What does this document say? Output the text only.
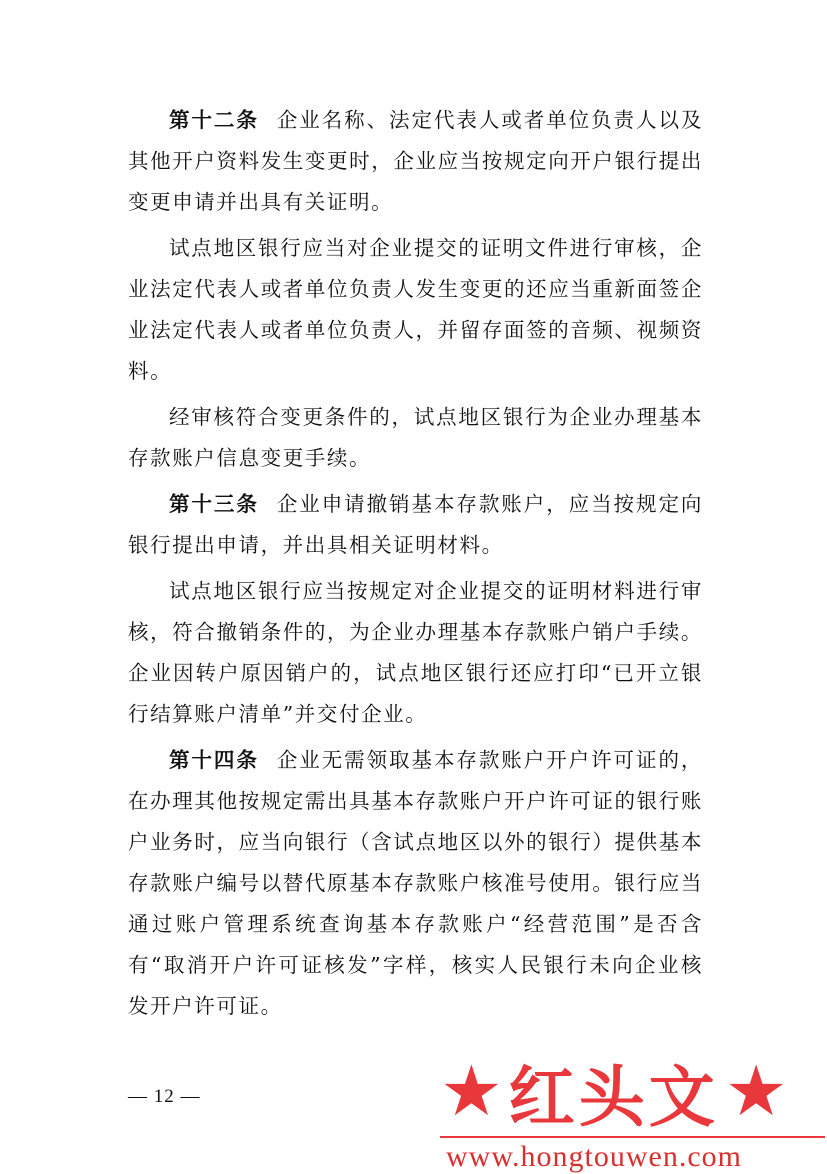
第十二条 企业名称、法定代表人或者单位负责人以及其他开户资料发生变更时，企业应当按规定向开户银行提出变更申请并出具有关证明。

试点地区银行应当对企业提交的证明文件进行审核，企业法定代表人或者单位负责人发生变更的还应当重新面签企业法定代表人或者单位负责人，并留存面签的音频、视频资料。

经审核符合变更条件的，试点地区银行为企业办理基本存款账户信息变更手续。

第十三条 企业申请撤销基本存款账户，应当按规定向银行提出申请，并出具相关证明材料。

试点地区银行应当按规定对企业提交的证明材料进行审核，符合撤销条件的，为企业办理基本存款账户销户手续。企业因转户原因销户的，试点地区银行还应打印“已开立银行结算账户清单”并交付企业。

第十四条 企业无需领取基本存款账户开户许可证的，在办理其他按规定需出具基本存款账户开户许可证的银行账户业务时，应当向银行（含试点地区以外的银行）提供基本存款账户编号以替代原基本存款账户核准号使用。银行应当通过账户管理系统查询基本存款账户“经营范围”是否含有“取消开户许可证核发”字样，核实人民银行未向企业核发开户许可证。

— 12 —	★ 红头文 ★
www.hongtouwen.com
